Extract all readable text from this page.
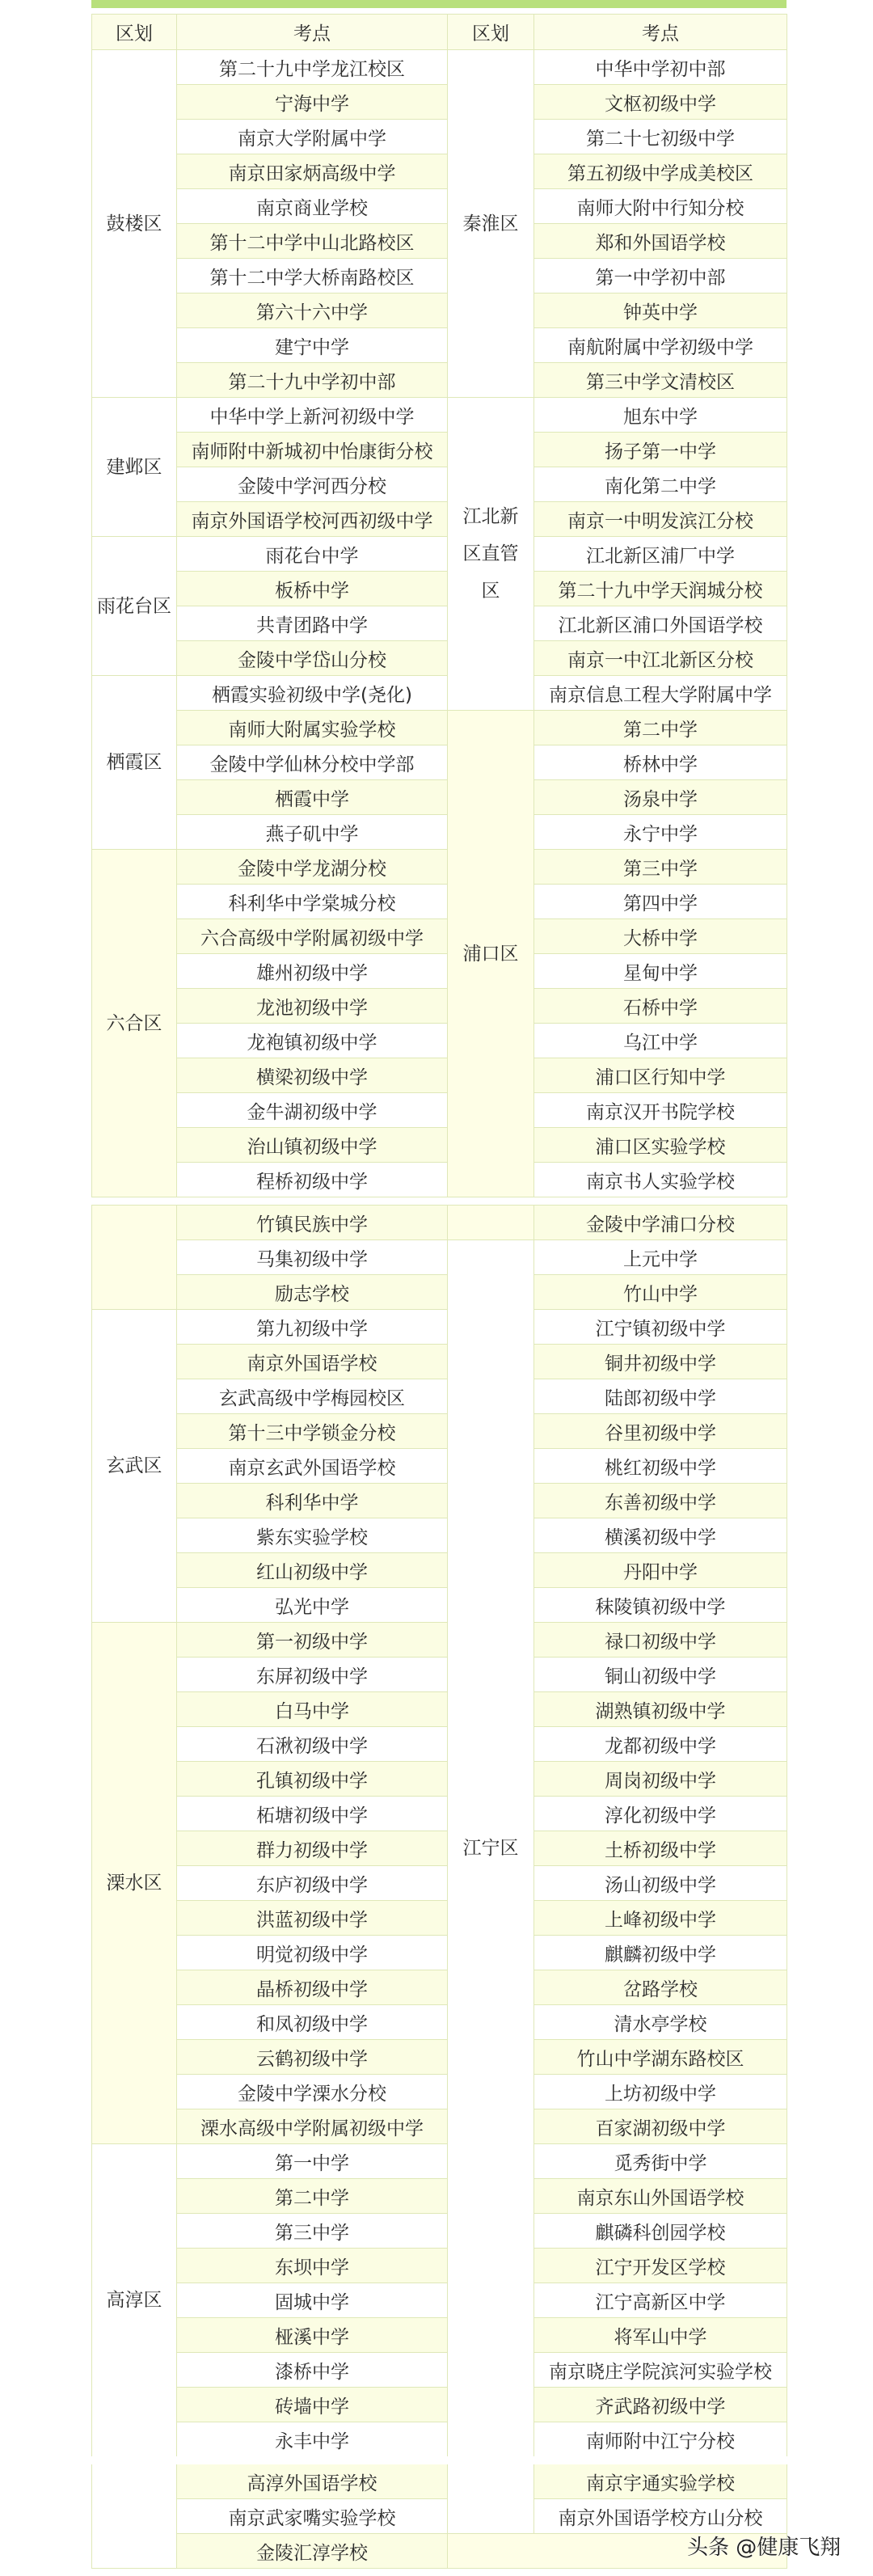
区划	考点	区划	考点
鼓楼区	第二十九中学龙江校区	秦淮区	中华中学初中部
	宁海中学		文枢初级中学
	南京大学附属中学		第二十七初级中学
	南京田家炳高级中学		第五初级中学成美校区
	南京商业学校		南师大附中行知分校
	第十二中学中山北路校区		郑和外国语学校
	第十二中学大桥南路校区		第一中学初中部
	第六十六中学		钟英中学
	建宁中学		南航附属中学初级中学
	第二十九中学初中部		第三中学文清校区
建邺区	中华中学上新河初级中学	江北新区直管区	旭东中学
	南师附中新城初中怡康街分校		扬子第一中学
	金陵中学河西分校		南化第二中学
	南京外国语学校河西初级中学		南京一中明发滨江分校
雨花台区	雨花台中学		江北新区浦厂中学
	板桥中学		第二十九中学天润城分校
	共青团路中学		江北新区浦口外国语学校
	金陵中学岱山分校		南京一中江北新区分校
栖霞区	栖霞实验初级中学(尧化)		南京信息工程大学附属中学
	南师大附属实验学校	浦口区	第二中学
	金陵中学仙林分校中学部		桥林中学
	栖霞中学		汤泉中学
	燕子矶中学		永宁中学
六合区	金陵中学龙湖分校		第三中学
	科利华中学棠城分校		第四中学
	六合高级中学附属初级中学		大桥中学
	雄州初级中学		星甸中学
	龙池初级中学		石桥中学
	龙袍镇初级中学		乌江中学
	横梁初级中学		浦口区行知中学
	金牛湖初级中学		南京汉开书院学校
	治山镇初级中学		浦口区实验学校
	程桥初级中学		南京书人实验学校
	竹镇民族中学		金陵中学浦口分校
	马集初级中学	江宁区	上元中学
	励志学校		竹山中学
玄武区	第九初级中学		江宁镇初级中学
	南京外国语学校		铜井初级中学
	玄武高级中学梅园校区		陆郎初级中学
	第十三中学锁金分校		谷里初级中学
	南京玄武外国语学校		桃红初级中学
	科利华中学		东善初级中学
	紫东实验学校		横溪初级中学
	红山初级中学		丹阳中学
	弘光中学		秣陵镇初级中学
溧水区	第一初级中学		禄口初级中学
	东屏初级中学		铜山初级中学
	白马中学		湖熟镇初级中学
	石湫初级中学		龙都初级中学
	孔镇初级中学		周岗初级中学
	柘塘初级中学		淳化初级中学
	群力初级中学		土桥初级中学
	东庐初级中学		汤山初级中学
	洪蓝初级中学		上峰初级中学
	明觉初级中学		麒麟初级中学
	晶桥初级中学		岔路学校
	和凤初级中学		清水亭学校
	云鹤初级中学		竹山中学湖东路校区
	金陵中学溧水分校		上坊初级中学
	溧水高级中学附属初级中学		百家湖初级中学
高淳区	第一中学		觅秀街中学
	第二中学		南京东山外国语学校
	第三中学		麒磷科创园学校
	东坝中学		江宁开发区学校
	固城中学		江宁高新区中学
	桠溪中学		将军山中学
	漆桥中学		南京晓庄学院滨河实验学校
	砖墙中学		齐武路初级中学
	永丰中学		南师附中江宁分校
	高淳外国语学校		南京宇通实验学校
	南京武家嘴实验学校		南京外国语学校方山分校
	金陵汇淳学校			头条 @健康飞翔
